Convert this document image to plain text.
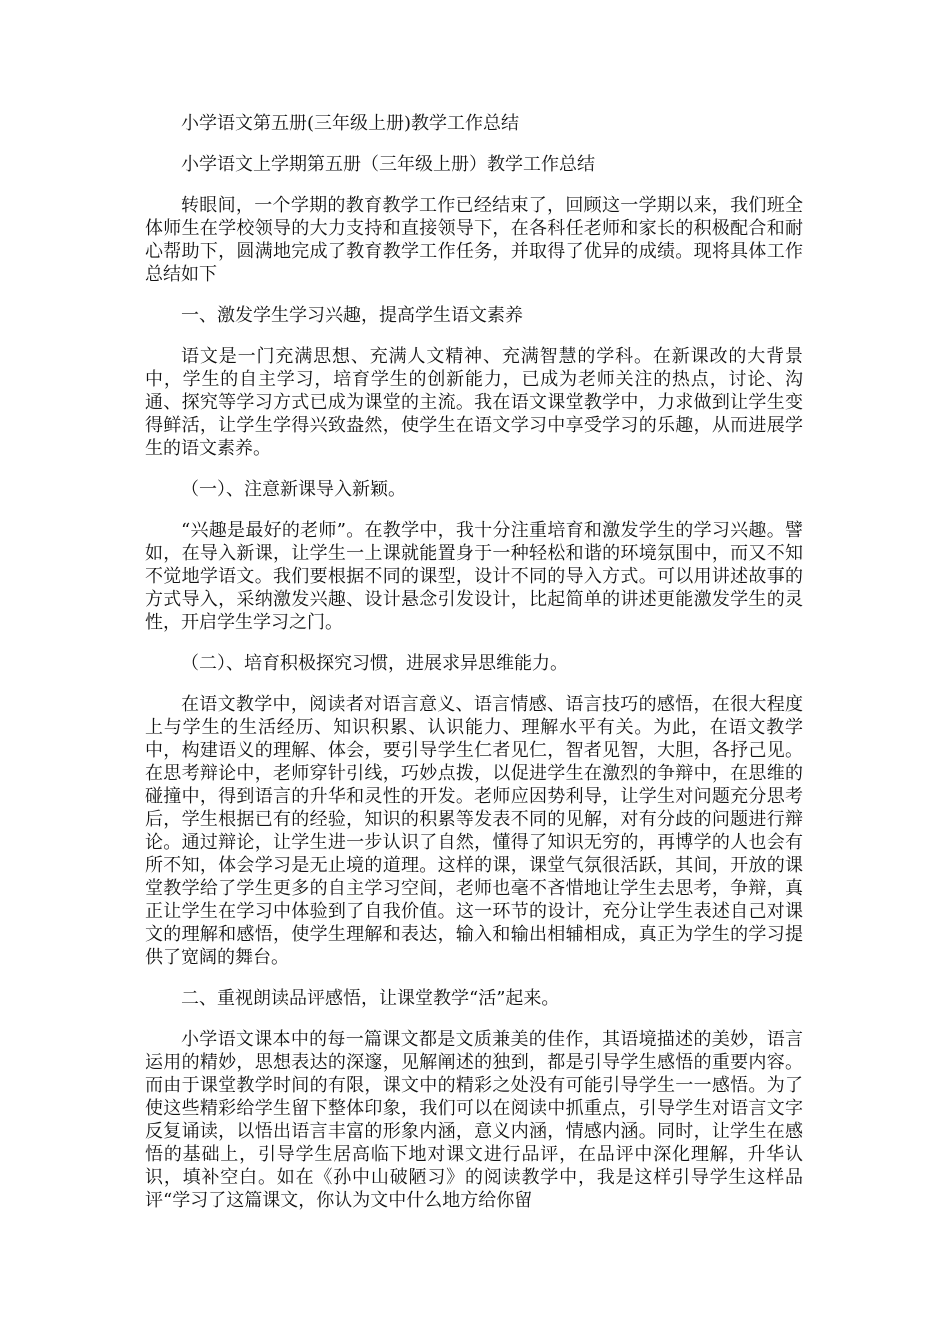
小学语文第五册(三年级上册)教学工作总结
小学语文上学期第五册（三年级上册）教学工作总结

转眼间，一个学期的教育教学工作已经结束了，回顾这一学期以来，我们班全体师生在学校领导的大力支持和直接领导下，在各科任老师和家长的积极配合和耐心帮助下，圆满地完成了教育教学工作任务，并取得了优异的成绩。现将具体工作总结如下

一、激发学生学习兴趣，提高学生语文素养

语文是一门充满思想、充满人文精神、充满智慧的学科。在新课改的大背景中，学生的自主学习，培育学生的创新能力，已成为老师关注的热点，讨论、沟通、探究等学习方式已成为课堂的主流。我在语文课堂教学中，力求做到让学生变得鲜活，让学生学得兴致盎然，使学生在语文学习中享受学习的乐趣，从而进展学生的语文素养。

（一）、注意新课导入新颖。

“兴趣是最好的老师”。在教学中，我十分注重培育和激发学生的学习兴趣。譬如，在导入新课，让学生一上课就能置身于一种轻松和谐的环境氛围中，而又不知不觉地学语文。我们要根据不同的课型，设计不同的导入方式。可以用讲述故事的方式导入，采纳激发兴趣、设计悬念引发设计，比起简单的讲述更能激发学生的灵性，开启学生学习之门。

（二）、培育积极探究习惯，进展求异思维能力。

在语文教学中，阅读者对语言意义、语言情感、语言技巧的感悟，在很大程度上与学生的生活经历、知识积累、认识能力、理解水平有关。为此，在语文教学中，构建语义的理解、体会，要引导学生仁者见仁，智者见智，大胆，各抒己见。在思考辩论中，老师穿针引线，巧妙点拨，以促进学生在激烈的争辩中，在思维的碰撞中，得到语言的升华和灵性的开发。老师应因势利导，让学生对问题充分思考后，学生根据已有的经验，知识的积累等发表不同的见解，对有分歧的问题进行辩论。通过辩论，让学生进一步认识了自然，懂得了知识无穷的，再博学的人也会有所不知，体会学习是无止境的道理。这样的课，课堂气氛很活跃，其间，开放的课堂教学给了学生更多的自主学习空间，老师也毫不吝惜地让学生去思考，争辩，真正让学生在学习中体验到了自我价值。这一环节的设计，充分让学生表述自己对课文的理解和感悟，使学生理解和表达，输入和输出相辅相成，真正为学生的学习提供了宽阔的舞台。

二、重视朗读品评感悟，让课堂教学“活”起来。

小学语文课本中的每一篇课文都是文质兼美的佳作，其语境描述的美妙，语言运用的精妙，思想表达的深邃，见解阐述的独到，都是引导学生感悟的重要内容。而由于课堂教学时间的有限，课文中的精彩之处没有可能引导学生一一感悟。为了使这些精彩给学生留下整体印象，我们可以在阅读中抓重点，引导学生对语言文字反复诵读，以悟出语言丰富的形象内涵，意义内涵，情感内涵。同时，让学生在感悟的基础上，引导学生居高临下地对课文进行品评，在品评中深化理解，升华认识，填补空白。如在《孙中山破陋习》的阅读教学中，我是这样引导学生这样品评“学习了这篇课文，你认为文中什么地方给你留
